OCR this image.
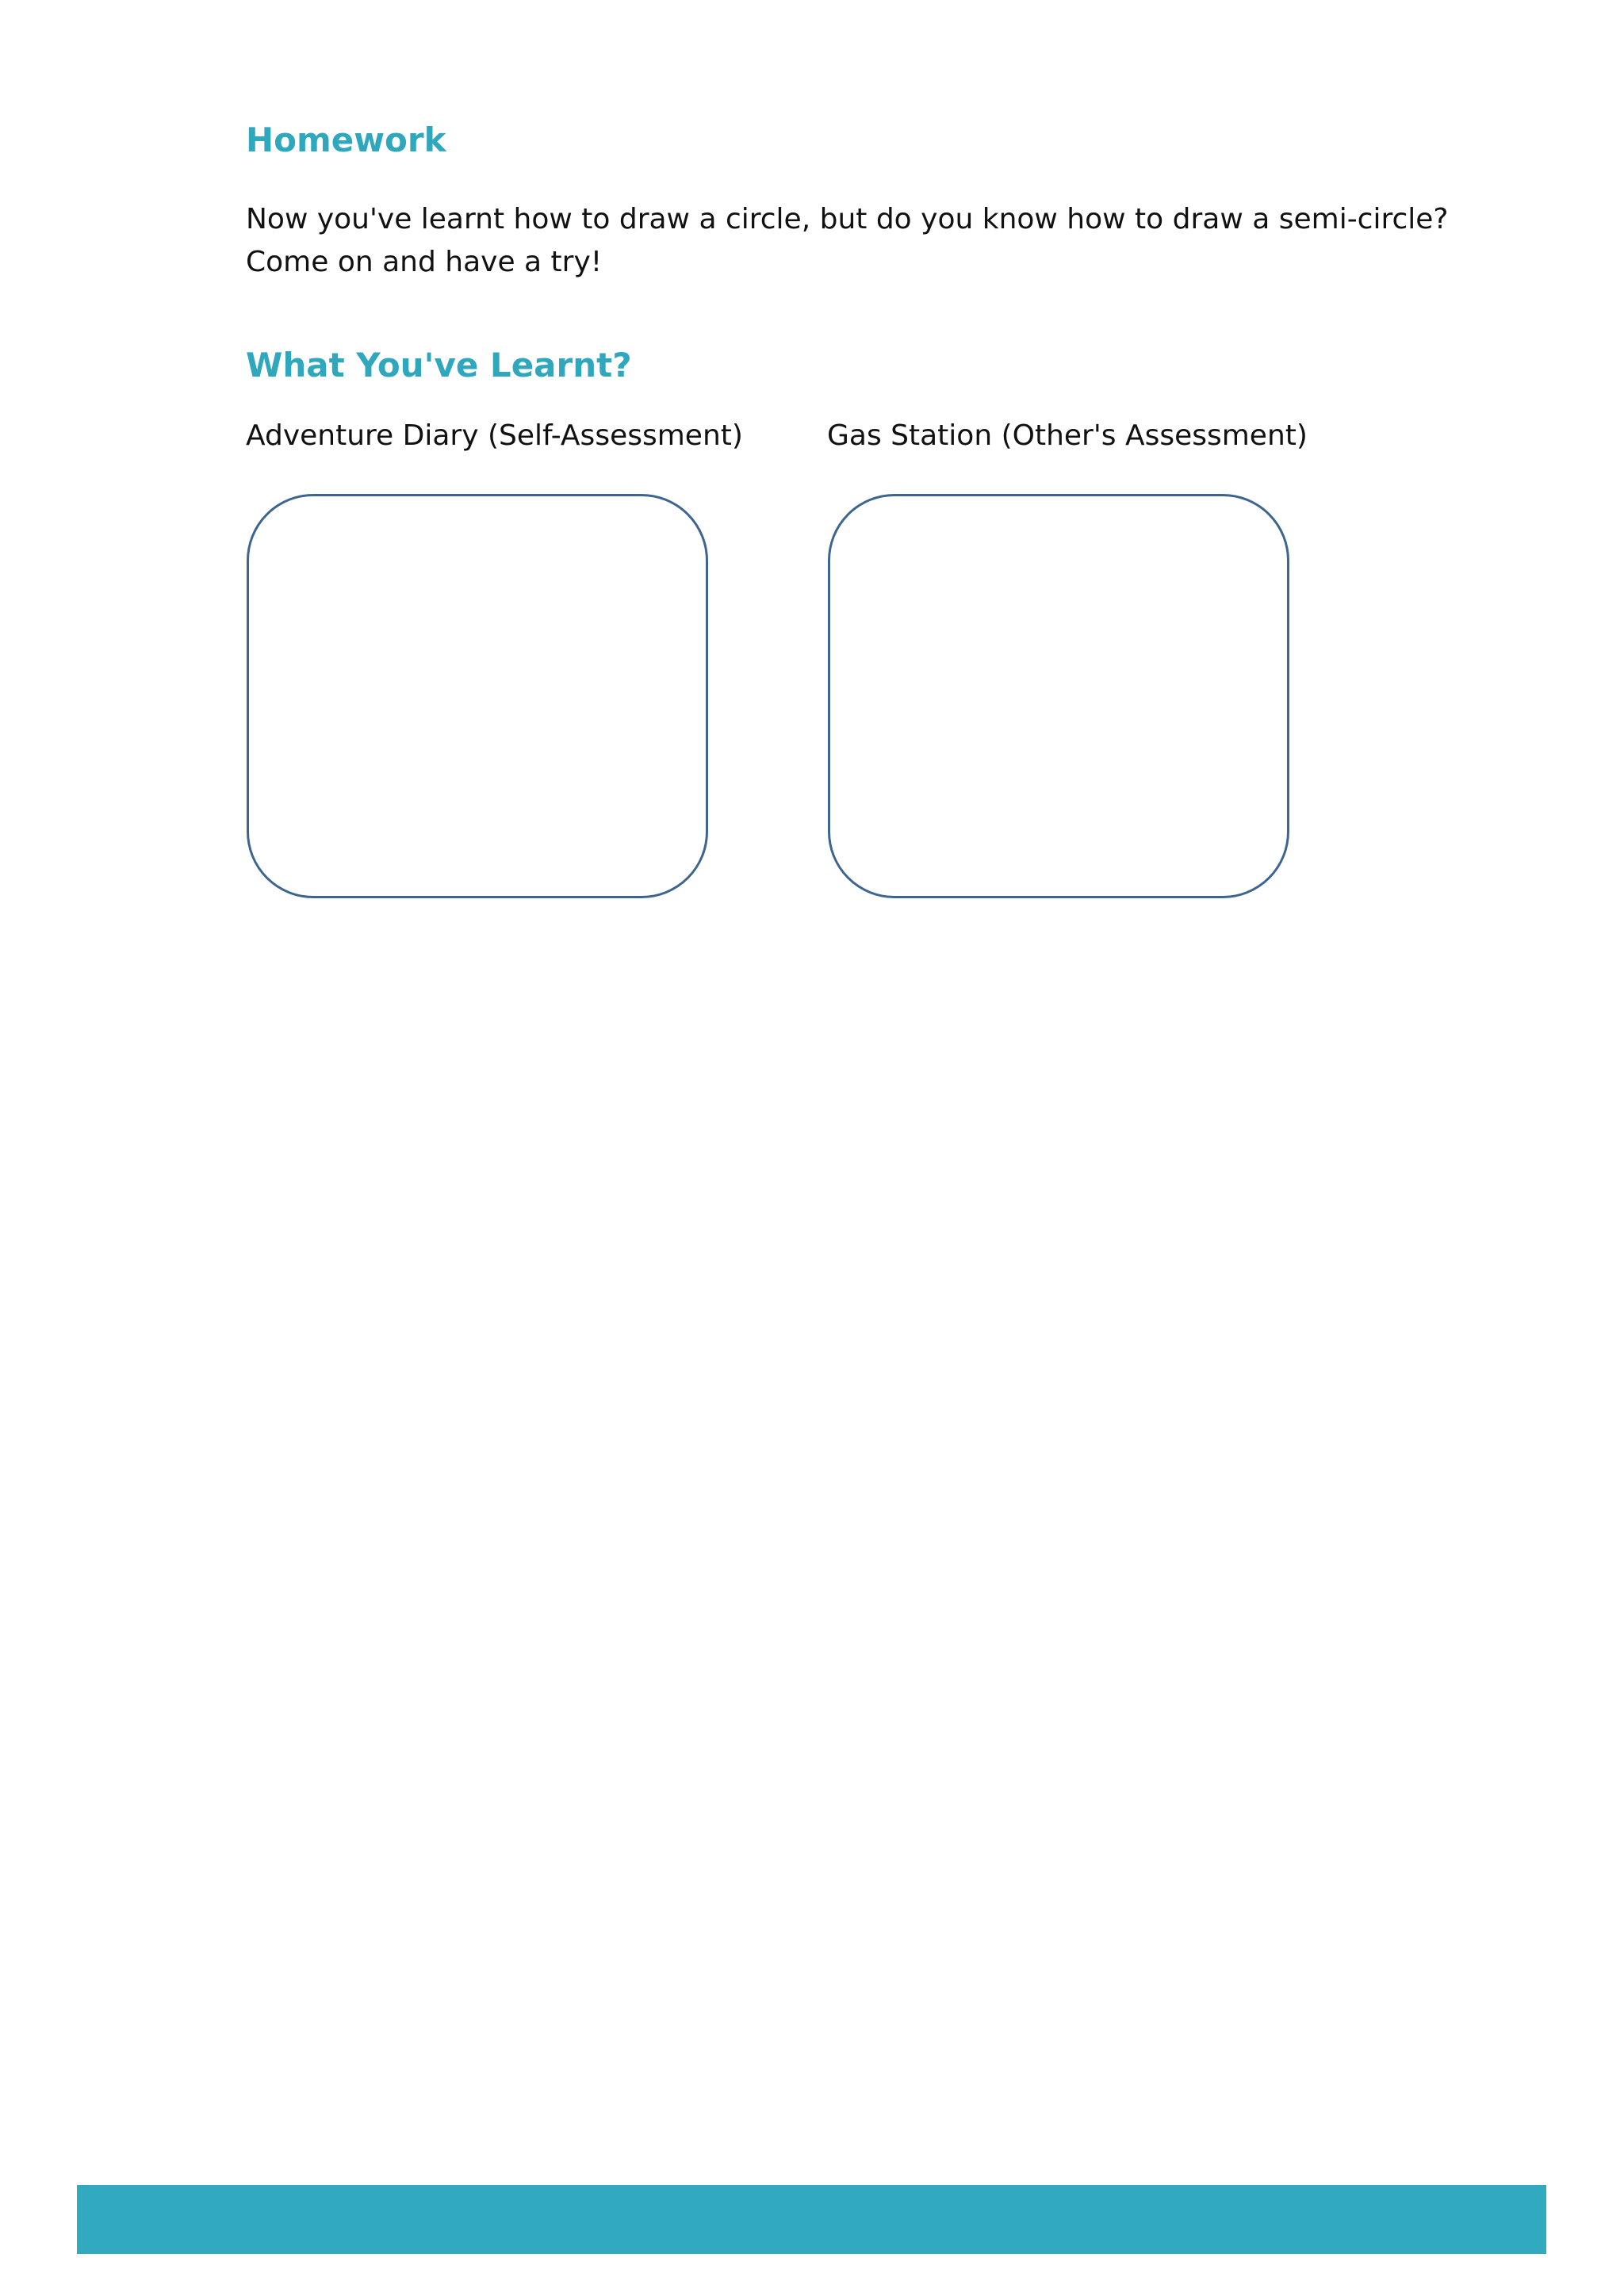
Homework

Now you've learnt how to draw a circle, but do you know how to draw a semi-circle?
Come on and have a try!

What You've Learnt?

Adventure Diary (Self-Assessment)	Gas Station (Other's Assessment)
